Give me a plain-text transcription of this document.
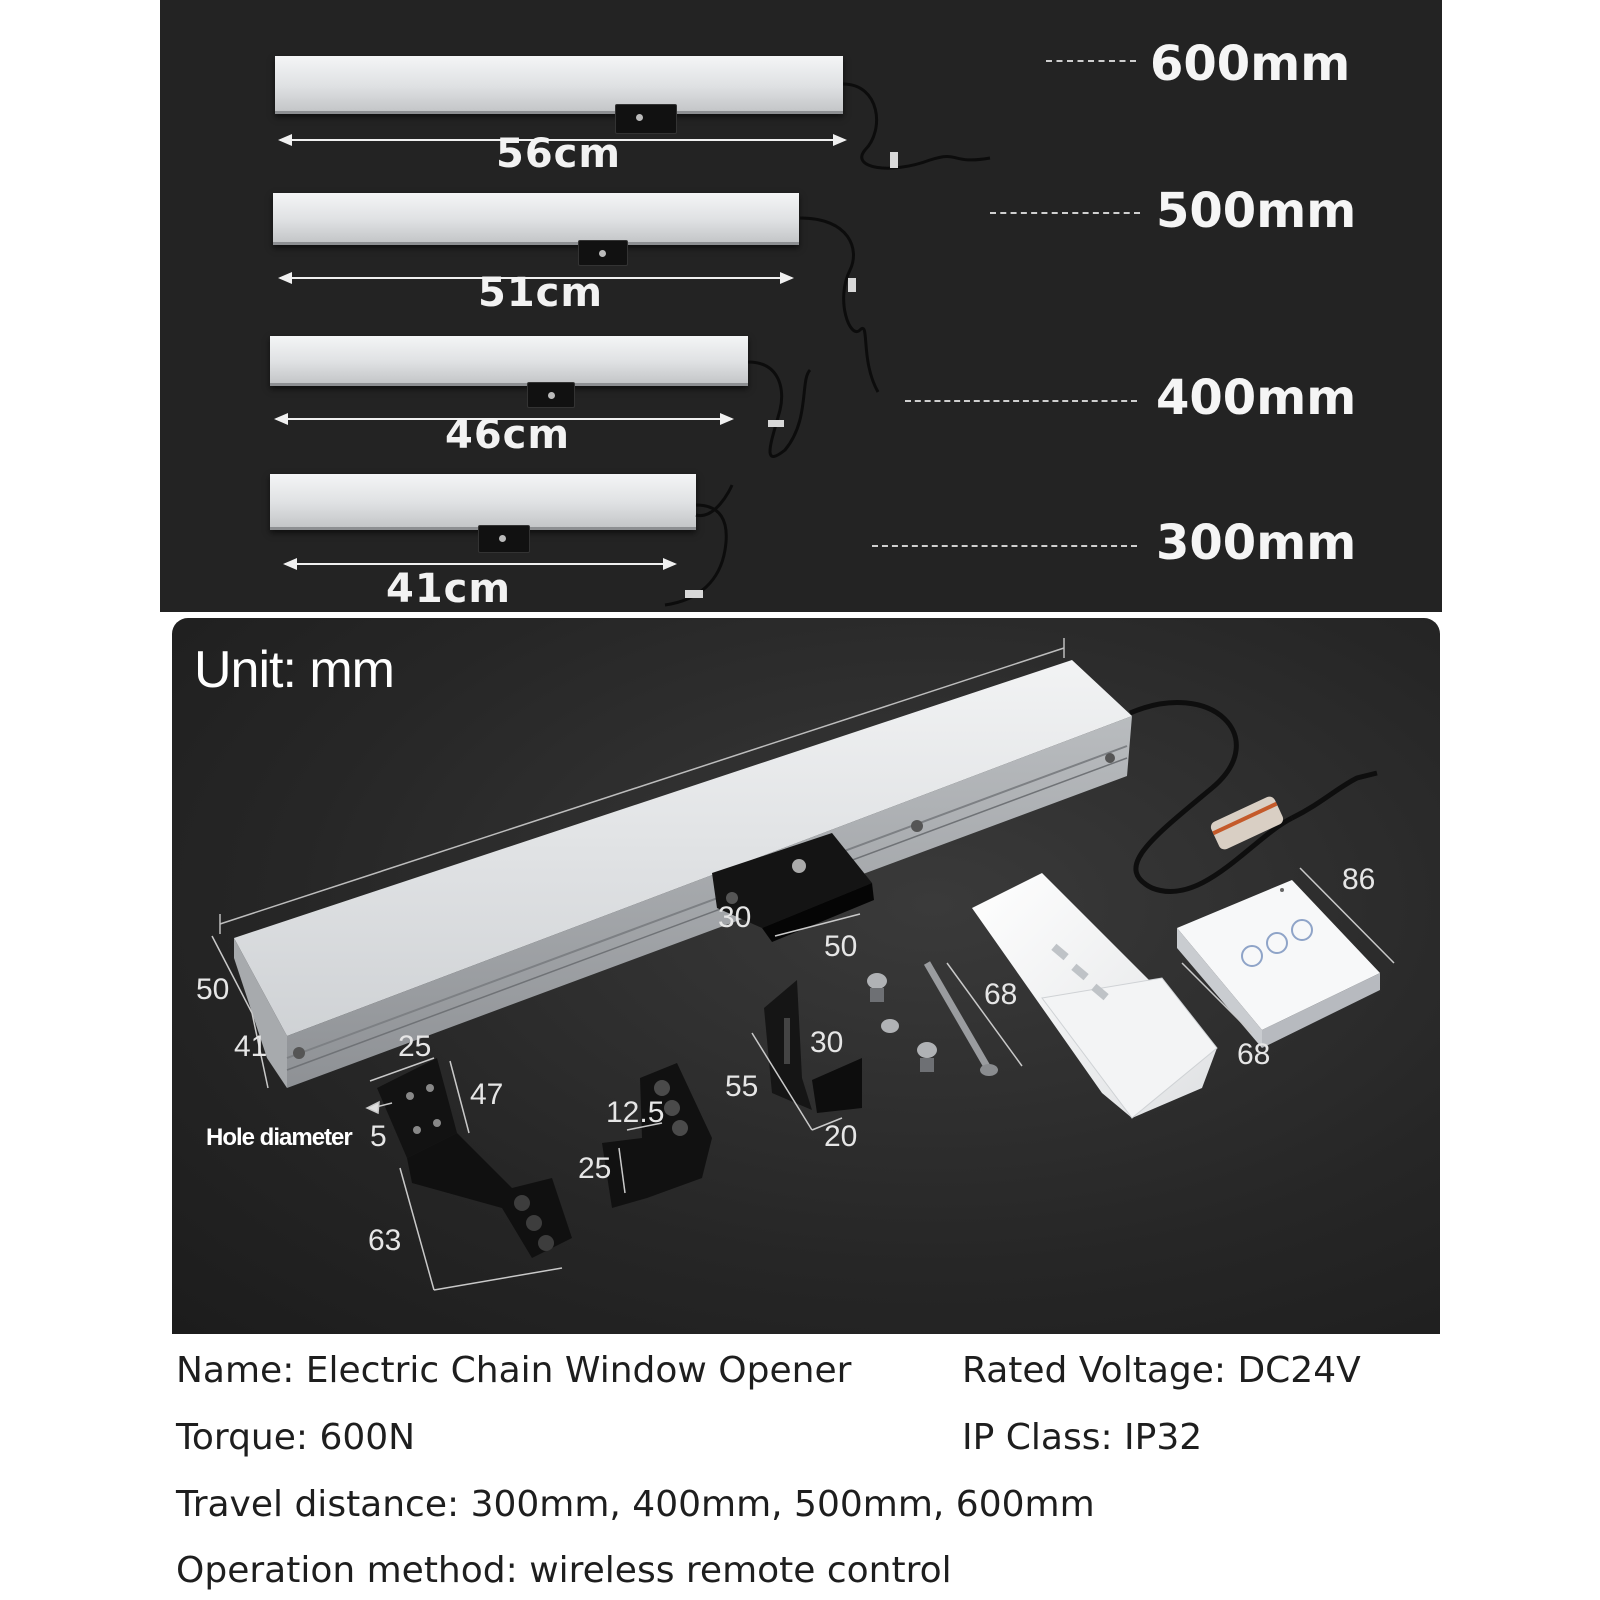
56cm
600mm
51cm
500mm
46cm
400mm
41cm
300mm
Unit: mm
50
41
30
50
25
47
Hole diameter 5
63
12.5
25
55
30
20
68
86
68
Name: Electric Chain Window Opener	Rated Voltage: DC24V
Torque: 600N	IP Class: IP32
Travel distance: 300mm, 400mm, 500mm, 600mm
Operation method: wireless remote control
